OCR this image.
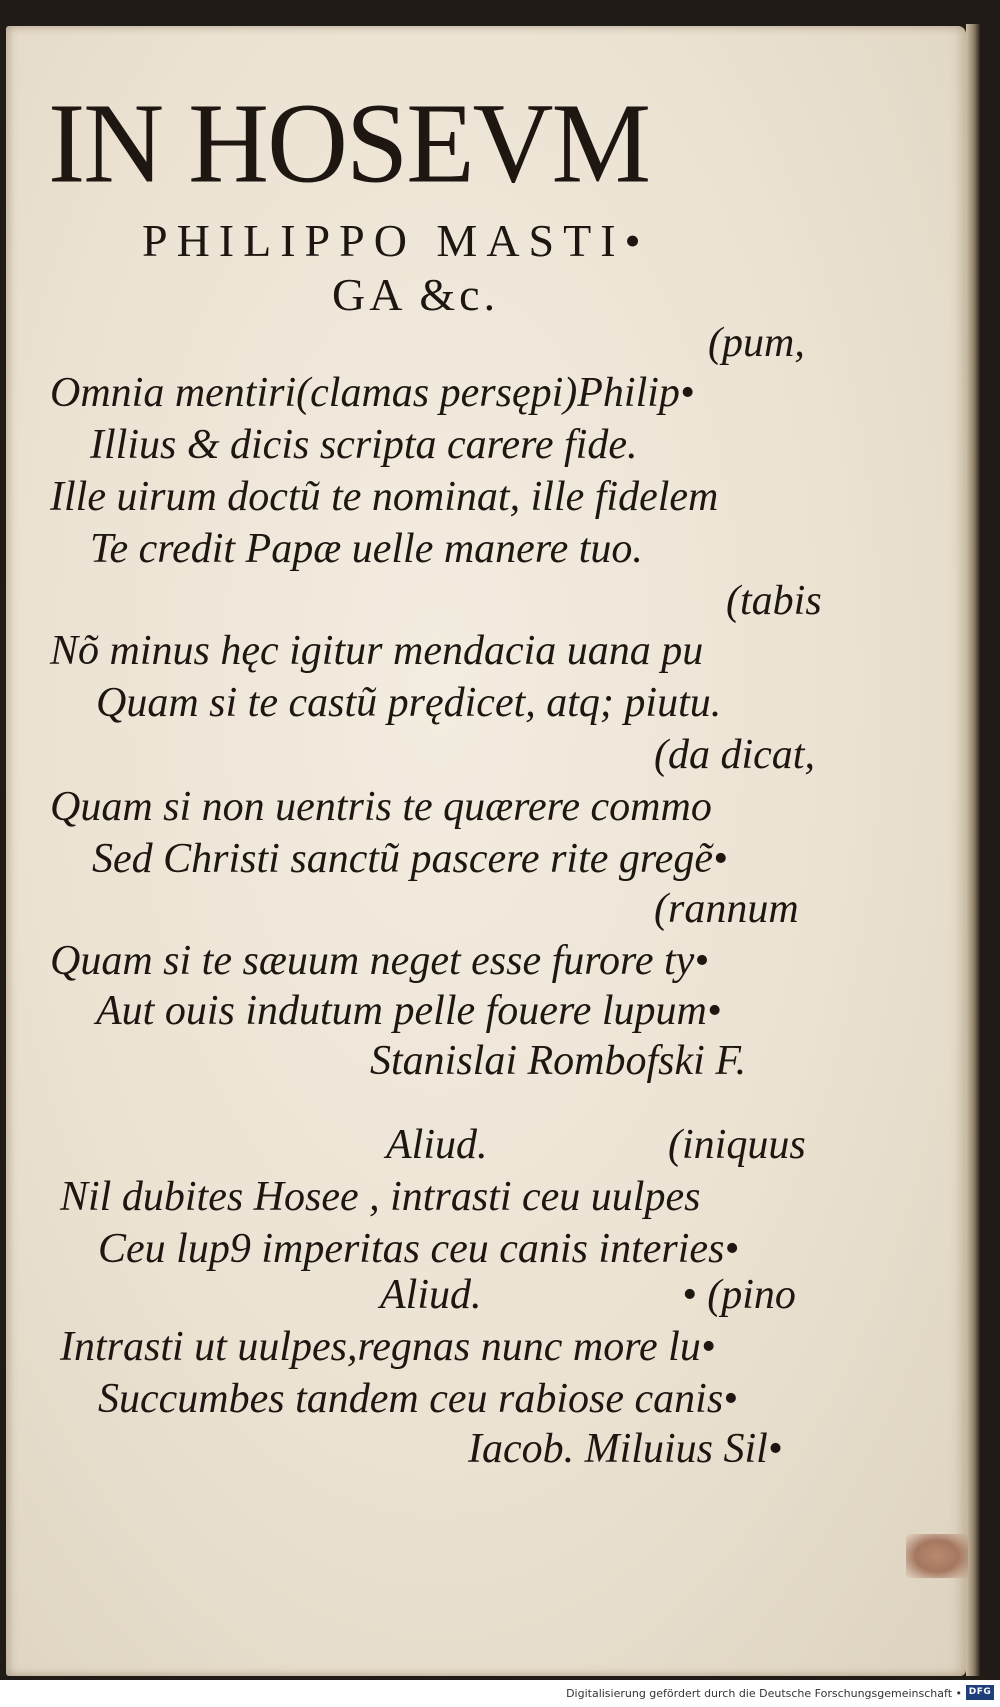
IN HOSEVM
PHILIPPO MASTI•
GA &c.
(pum,
Omnia mentiri(clamas persępi)Philip•
Illius & dicis scripta carere fide.
Ille uirum doctũ te nominat, ille fidelem
Te credit Papæ uelle manere tuo.
(tabis
Nõ minus hęc igitur mendacia uana pu
Quam si te castũ prędicet, atq; piutu.
(da dicat,
Quam si non uentris te quærere commo
Sed Christi sanctũ pascere rite gregẽ•
(rannum
Quam si te sæuum neget esse furore ty•
Aut ouis indutum pelle fouere lupum•
Stanislai Rombofski F.
Aliud.	(iniquus
Nil dubites Hosee , intrasti ceu uulpes
Ceu lup9 imperitas ceu canis interies•
Aliud.	• (pino
Intrasti ut uulpes,regnas nunc more lu•
Succumbes tandem ceu rabiose canis•
Iacob. Miluius Sil•
Digitalisierung gefördert durch die Deutsche Forschungsgemeinschaft • DFG
